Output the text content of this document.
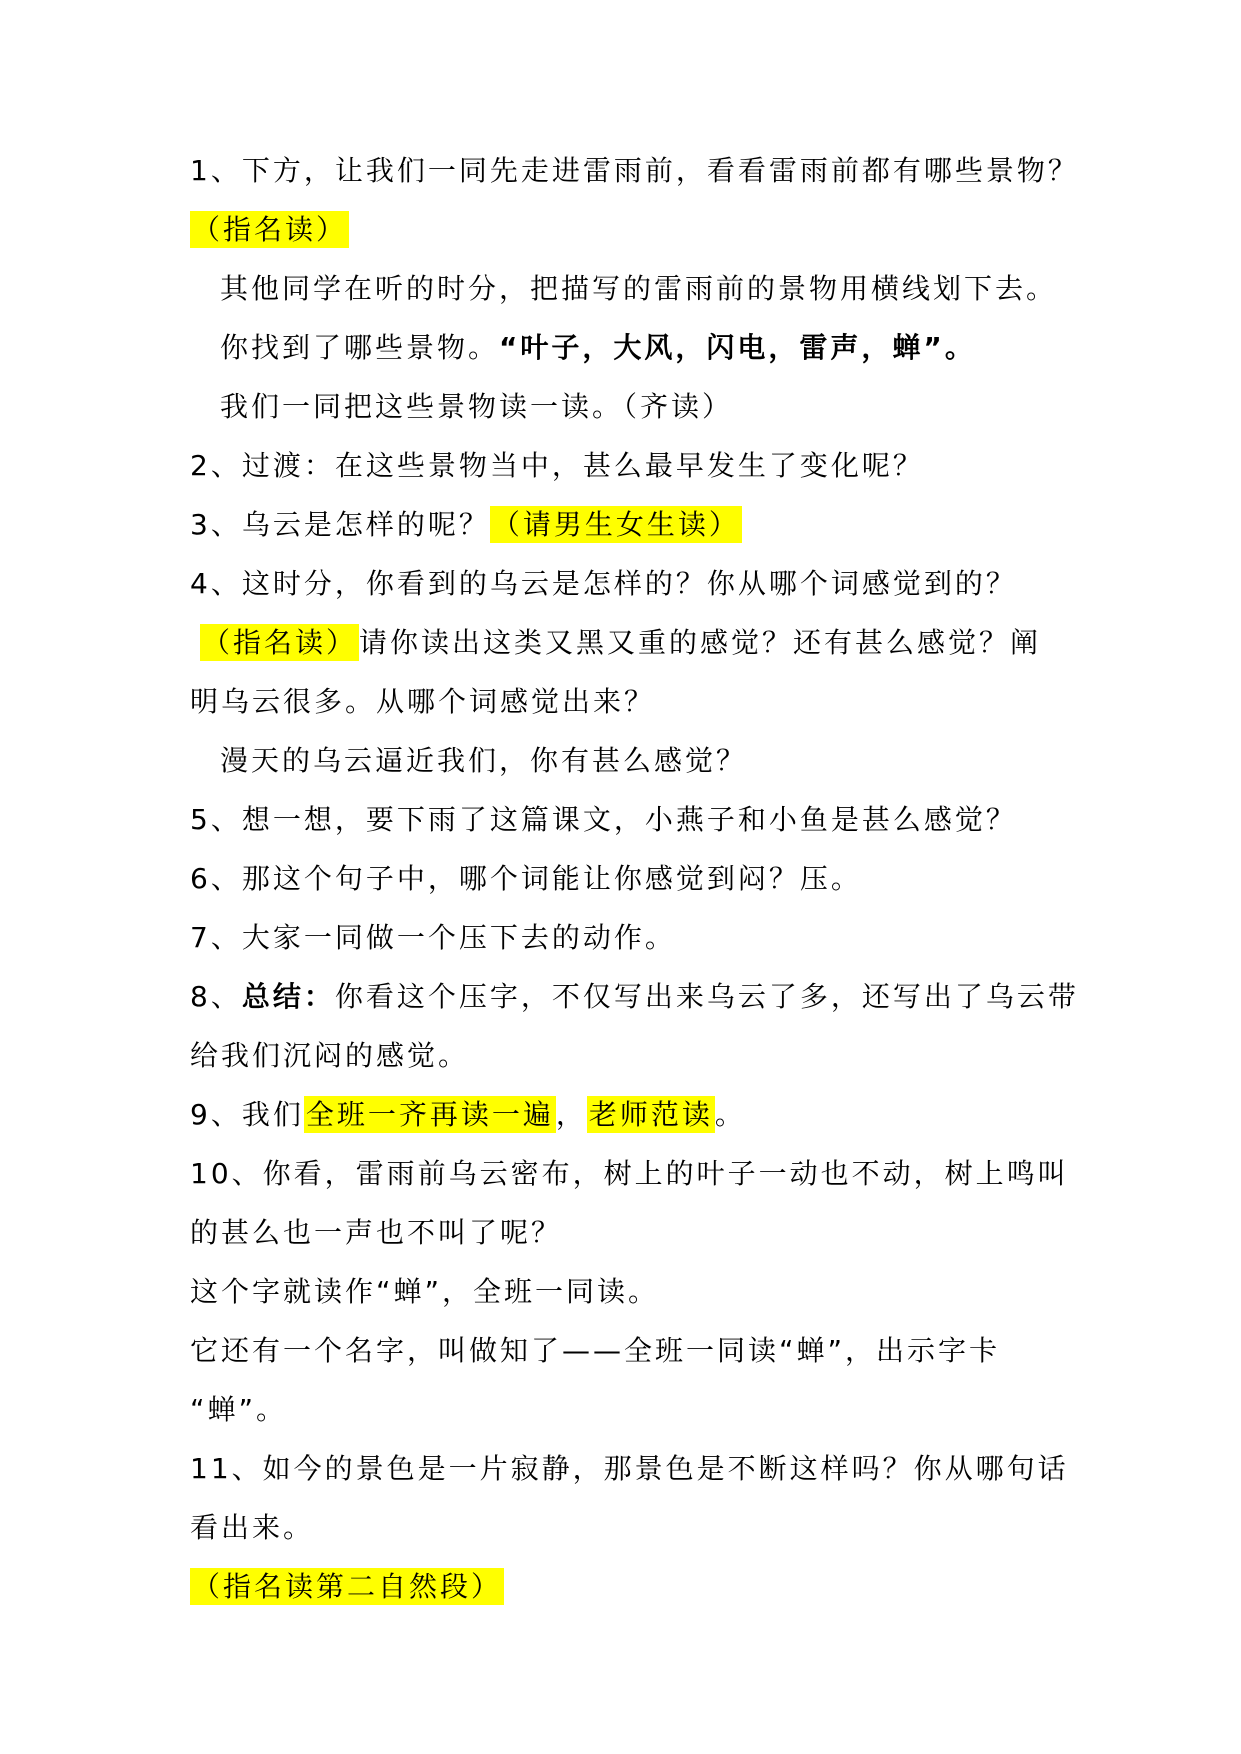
1、下方，让我们一同先走进雷雨前，看看雷雨前都有哪些景物？
（指名读）
其他同学在听的时分，把描写的雷雨前的景物用横线划下去。
你找到了哪些景物。“叶子，大风，闪电，雷声，蝉”。
我们一同把这些景物读一读。（齐读）
2、过渡：在这些景物当中，甚么最早发生了变化呢？
3、乌云是怎样的呢？（请男生女生读）
4、这时分，你看到的乌云是怎样的？你从哪个词感觉到的？
（指名读）请你读出这类又黑又重的感觉？还有甚么感觉？阐
明乌云很多。从哪个词感觉出来？
漫天的乌云逼近我们，你有甚么感觉？
5、想一想，要下雨了这篇课文，小燕子和小鱼是甚么感觉？
6、那这个句子中，哪个词能让你感觉到闷？压。
7、大家一同做一个压下去的动作。
8、总结：你看这个压字，不仅写出来乌云了多，还写出了乌云带
给我们沉闷的感觉。
9、我们全班一齐再读一遍，老师范读。
10、你看，雷雨前乌云密布，树上的叶子一动也不动，树上鸣叫
的甚么也一声也不叫了呢？
这个字就读作“蝉”，全班一同读。
它还有一个名字，叫做知了——全班一同读“蝉”，出示字卡
“蝉”。
11、如今的景色是一片寂静，那景色是不断这样吗？你从哪句话
看出来。
（指名读第二自然段）
